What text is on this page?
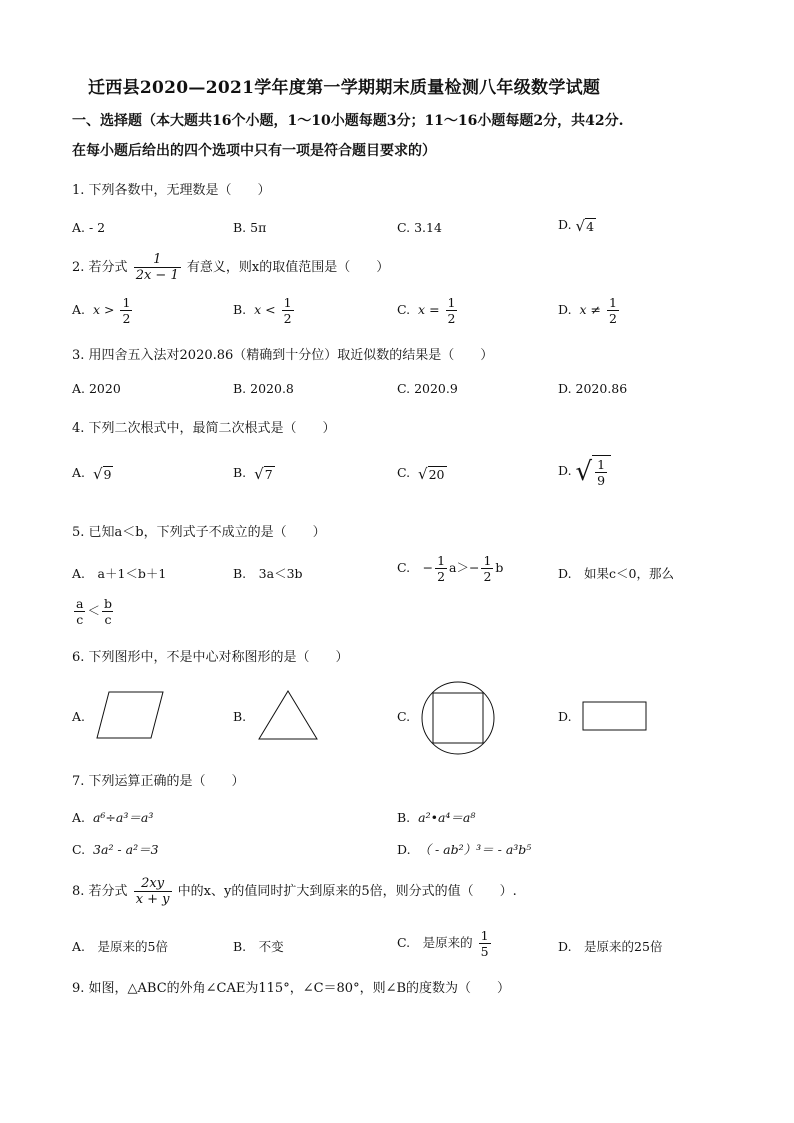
迁西县2020—2021学年度第一学期期末质量检测八年级数学试题
一、选择题（本大题共16个小题，1～10小题每题3分；11～16小题每题2分，共42分.
在每小题后给出的四个选项中只有一项是符合题目要求的）
1. 下列各数中，无理数是（　　）
A. - 2	B. 5π	C. 3.14	D. √ 4
2. 若分式 $\frac{1}{2x - 1}$ 有意义，则x的取值范围是（　　）
A. $x > \frac{1}{2}$	B. $x < \frac{1}{2}$	C. $x = \frac{1}{2}$	D. $x \ne \frac{1}{2}$
3. 用四舍五入法对2020.86（精确到十分位）取近似数的结果是（　　）
A. 2020	B. 2020.8	C. 2020.9	D. 2020.86
4. 下列二次根式中，最简二次根式是（　　）
A. √ 9	B. √ 7	C. √ 20	D. √ $\frac{1}{9}$
5. 已知a＜b，下列式子不成立的是（　　）
A.　a＋1＜b＋1	B.　3a＜3b	C.　− $\frac{1}{2} a>- \frac{1}{2}$ b	D.　如果c＜0，那么
$\frac{a}{c} < \frac{b}{c}$
6. 下列图形中，不是中心对称图形的是（　　）
A.	B.	C.	D.
7. 下列运算正确的是（　　）
A. a⁶÷a³＝a³	B. a²•a⁴＝a⁸
C. 3a² - a²＝3	D. （ - ab²）³＝ - a³b⁵
8. 若分式 $\frac{2xy}{x + y}$ 中的x、y的值同时扩大到原来的5倍，则分式的值（　　）.
A.　是原来的5倍	B.　不变	C.　是原来的 $\frac{1}{5}$	D.　是原来的25倍
9. 如图，△ABC的外角∠CAE为115°，∠C＝80°，则∠B的度数为（　　）
